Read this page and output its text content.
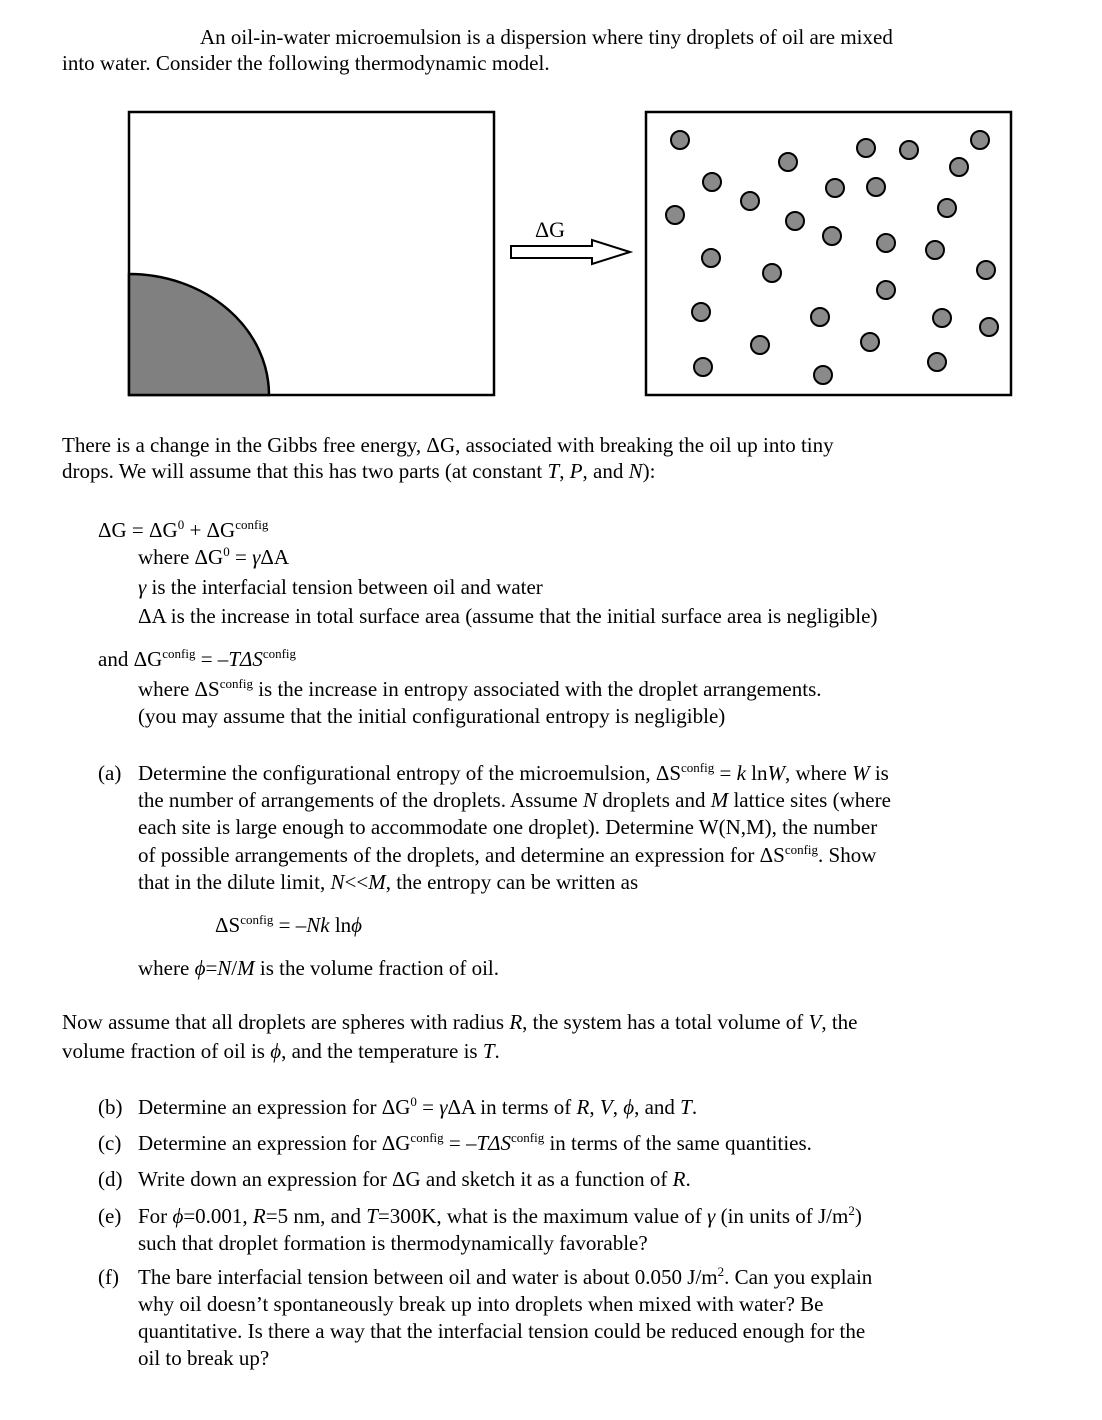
An oil-in-water microemulsion is a dispersion where tiny droplets of oil are mixed
into water. Consider the following thermodynamic model.
ΔG
There is a change in the Gibbs free energy, ΔG, associated with breaking the oil up into tiny
drops. We will assume that this has two parts (at constant T, P, and N):
$\Delta G = \Delta G^0 + \Delta G^{config}$
where $\Delta G^0 = \gamma\Delta A$
γ is the interfacial tension between oil and water
ΔA is the increase in total surface area (assume that the initial surface area is negligible)
and $\Delta G^{config} = -T\Delta S^{config}$
where $\Delta S^{config}$ is the increase in entropy associated with the droplet arrangements.
(you may assume that the initial configurational entropy is negligible)
(a) Determine the configurational entropy of the microemulsion, $\Delta S^{config} = k$ lnW, where W is
the number of arrangements of the droplets. Assume N droplets and M lattice sites (where
each site is large enough to accommodate one droplet). Determine W(N,M), the number
of possible arrangements of the droplets, and determine an expression for $\Delta S^{config}$. Show
that in the dilute limit, N<<M, the entropy can be written as
$\Delta S^{config} = -Nk$ lnϕ
where ϕ=N/M is the volume fraction of oil.
Now assume that all droplets are spheres with radius R, the system has a total volume of V, the
volume fraction of oil is ϕ, and the temperature is T.
(b) Determine an expression for $\Delta G^0 = \gamma\Delta A$ in terms of R, V, ϕ, and T.
(c) Determine an expression for $\Delta G^{config} = -T\Delta S^{config}$ in terms of the same quantities.
(d) Write down an expression for ΔG and sketch it as a function of R.
(e) For ϕ=0.001, R=5 nm, and T=300K, what is the maximum value of γ (in units of $J/m^2$)
such that droplet formation is thermodynamically favorable?
(f) The bare interfacial tension between oil and water is about 0.050 $J/m^2$. Can you explain
why oil doesn’t spontaneously break up into droplets when mixed with water? Be
quantitative. Is there a way that the interfacial tension could be reduced enough for the
oil to break up?
